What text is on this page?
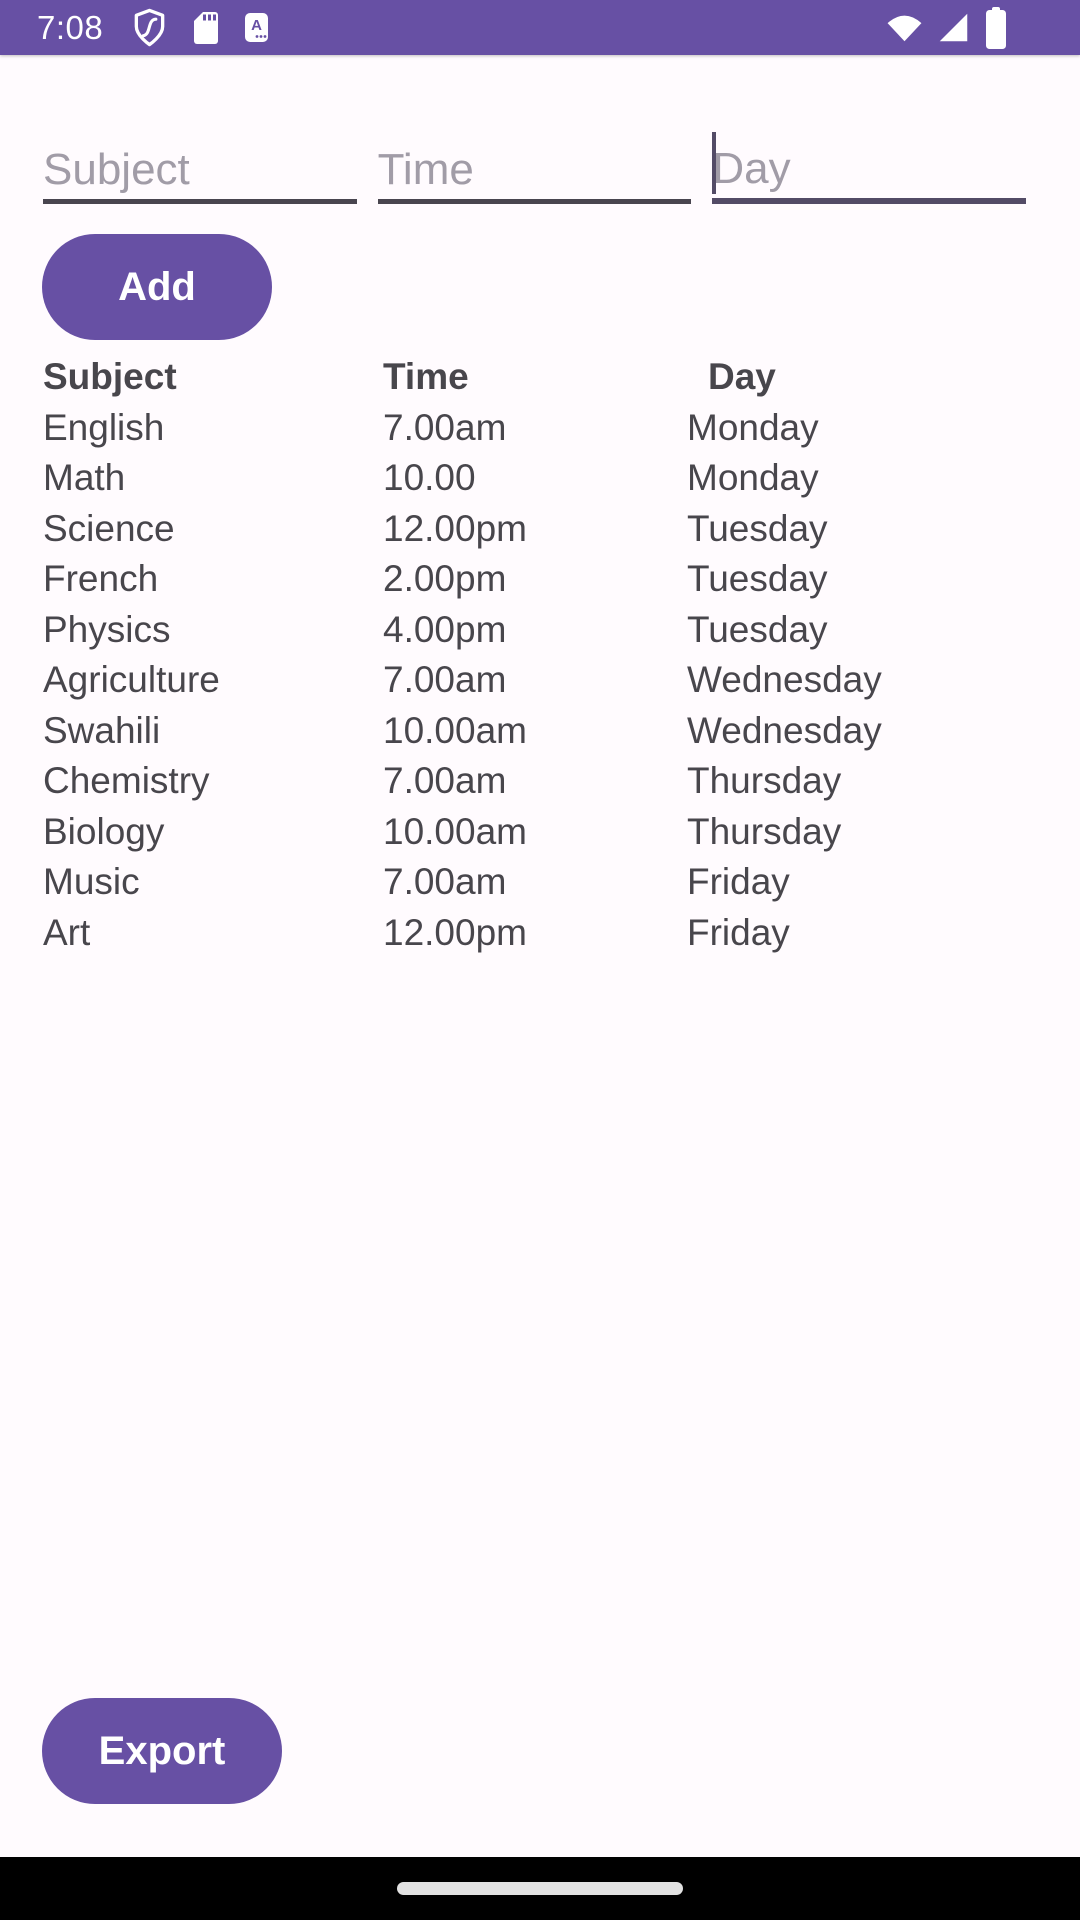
7:08	A
Subject
Time
Day
Add
Subject	Time	Day
English	7.00am	Monday
Math	10.00	Monday
Science	12.00pm	Tuesday
French	2.00pm	Tuesday
Physics	4.00pm	Tuesday
Agriculture	7.00am	Wednesday
Swahili	10.00am	Wednesday
Chemistry	7.00am	Thursday
Biology	10.00am	Thursday
Music	7.00am	Friday
Art	12.00pm	Friday
Export
